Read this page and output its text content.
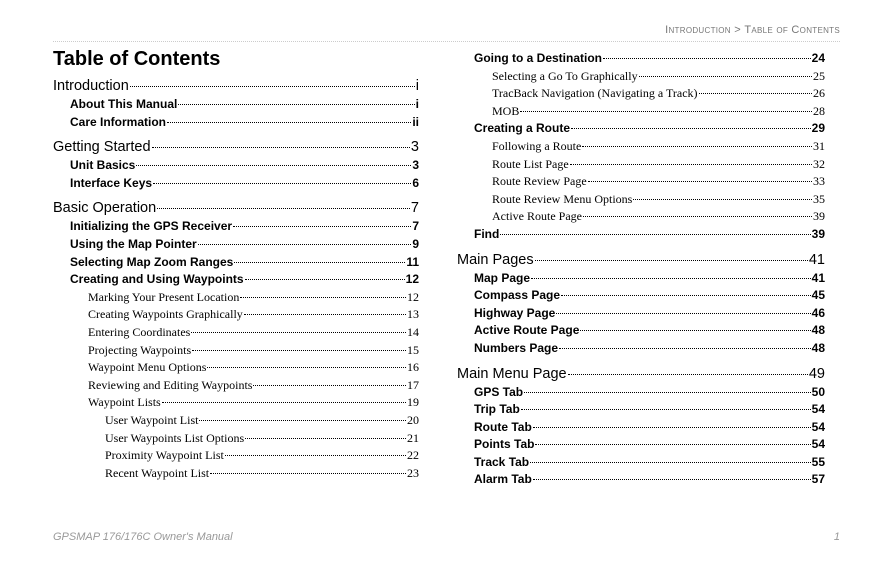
Introduction > Table of Contents
Table of Contents
Introduction	i
About This Manual	i
Care Information	ii
Getting Started	3
Unit Basics	3
Interface Keys	6
Basic Operation	7
Initializing the GPS Receiver	7
Using the Map Pointer	9
Selecting Map Zoom Ranges	11
Creating and Using Waypoints	12
Marking Your Present Location	12
Creating Waypoints Graphically	13
Entering Coordinates	14
Projecting Waypoints	15
Waypoint Menu Options	16
Reviewing and Editing Waypoints	17
Waypoint Lists	19
User Waypoint List	20
User Waypoints List Options	21
Proximity Waypoint List	22
Recent Waypoint List	23
Going to a Destination	24
Selecting a Go To Graphically	25
TracBack Navigation (Navigating a Track)	26
MOB	28
Creating a Route	29
Following a Route	31
Route List Page	32
Route Review Page	33
Route Review Menu Options	35
Active Route Page	39
Find	39
Main Pages	41
Map Page	41
Compass Page	45
Highway Page	46
Active Route Page	48
Numbers Page	48
Main Menu Page	49
GPS Tab	50
Trip Tab	54
Route Tab	54
Points Tab	54
Track Tab	55
Alarm Tab	57
GPSMAP 176/176C Owner's Manual	1
